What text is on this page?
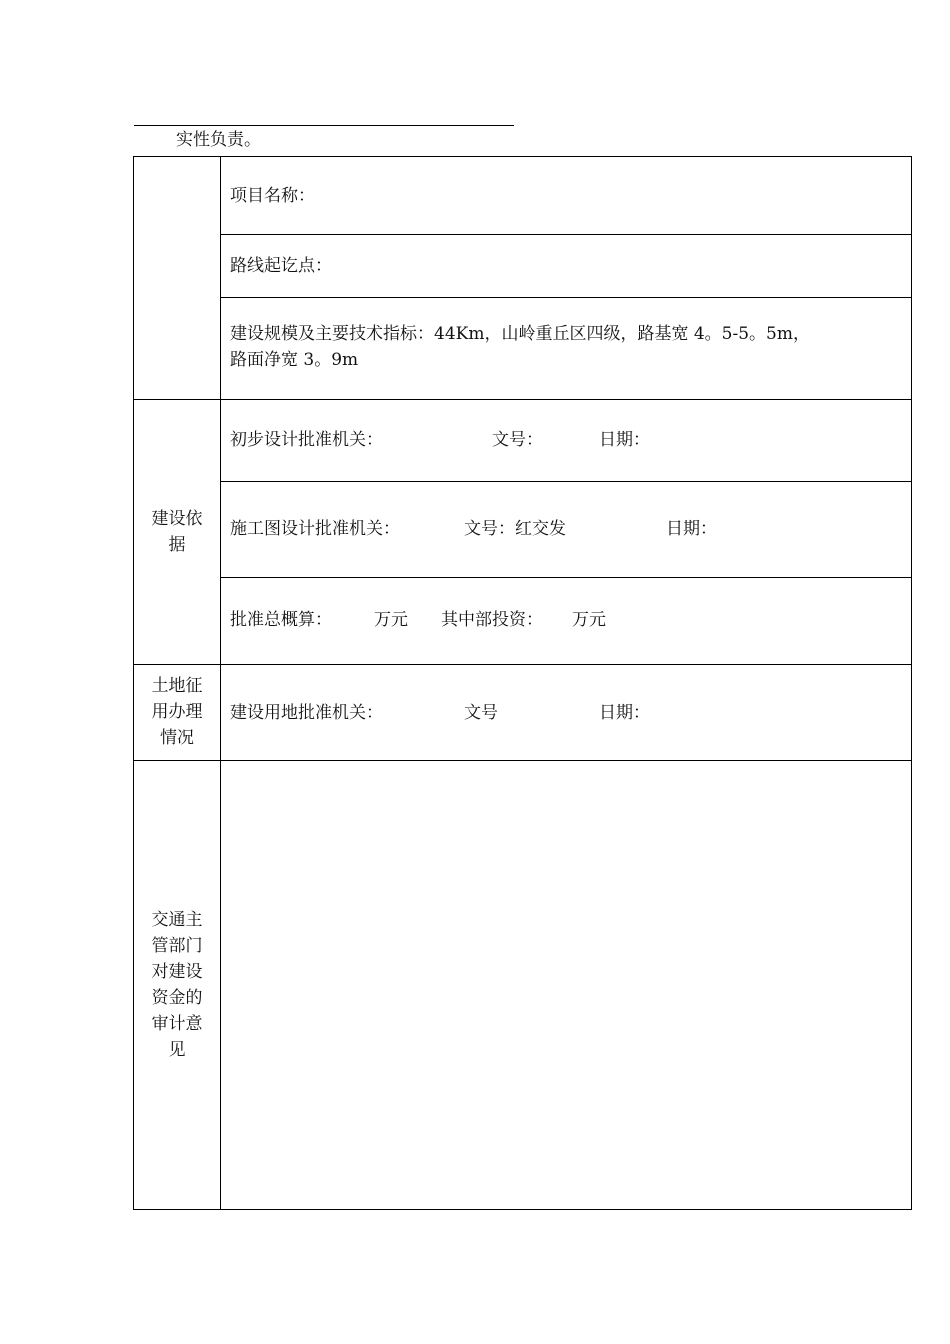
实性负责。
项目名称：
路线起讫点：
建设规模及主要技术指标：44Km，山岭重丘区四级，路基宽 4。5-5。5m，
路面净宽 3。9m
建设依据
初步设计批准机关：	文号：	日期：
施工图设计批准机关：	文号：红交发	日期：
批准总概算： 万元 其中部投资： 万元
土地征用办理情况
建设用地批准机关：	文号	日期：
交通主管部门对建设资金的审计意见
